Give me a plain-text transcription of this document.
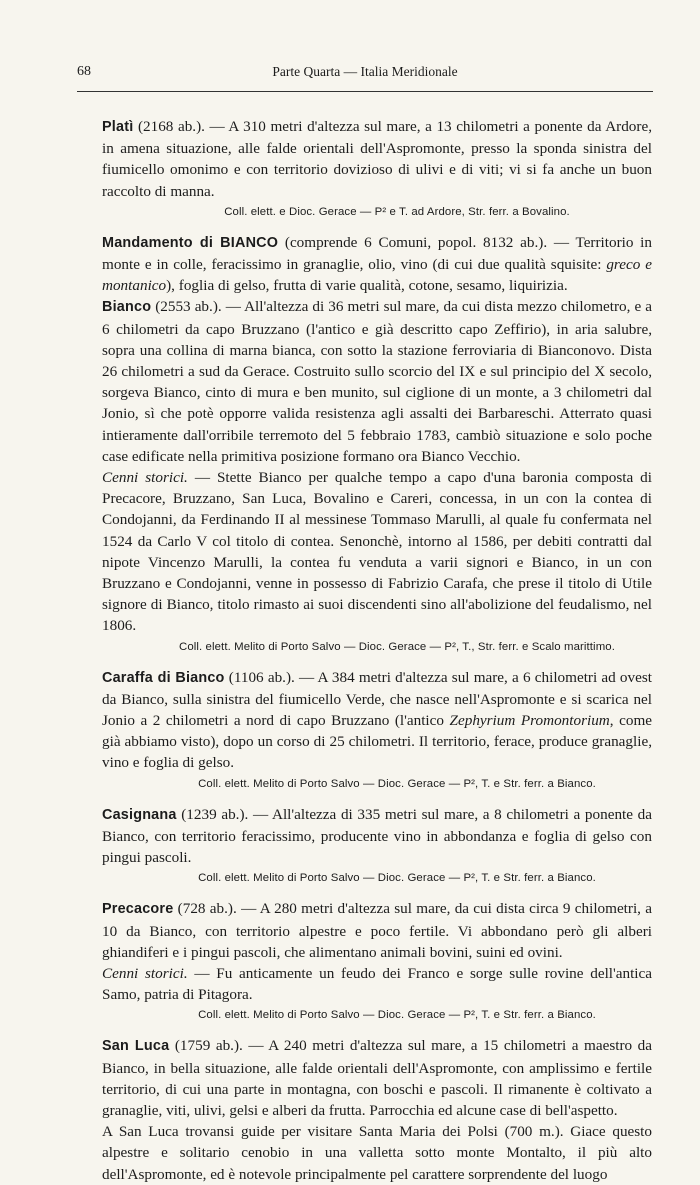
68	Parte Quarta — Italia Meridionale

Platì (2168 ab.). — A 310 metri d'altezza sul mare, a 13 chilometri a ponente da Ardore, in amena situazione, alle falde orientali dell'Aspromonte, presso la sponda sinistra del fiumicello omonimo e con territorio dovizioso di ulivi e di viti; vi si fa anche un buon raccolto di manna.

Coll. elett. e Dioc. Gerace — P² e T. ad Ardore, Str. ferr. a Bovalino.

Mandamento di BIANCO (comprende 6 Comuni, popol. 8132 ab.). — Territorio in monte e in colle, feracissimo in granaglie, olio, vino (di cui due qualità squisite: greco e montanico), foglia di gelso, frutta di varie qualità, cotone, sesamo, liquirizia.

Bianco (2553 ab.). — All'altezza di 36 metri sul mare, da cui dista mezzo chilometro, e a 6 chilometri da capo Bruzzano (l'antico e già descritto capo Zeffirio), in aria salubre, sopra una collina di marna bianca, con sotto la stazione ferroviaria di Bianconovo. Dista 26 chilometri a sud da Gerace. Costruito sullo scorcio del IX e sul principio del X secolo, sorgeva Bianco, cinto di mura e ben munito, sul ciglione di un monte, a 3 chilometri dal Jonio, sì che potè opporre valida resistenza agli assalti dei Barbareschi. Atterrato quasi intieramente dall'orribile terremoto del 5 febbraio 1783, cambiò situazione e solo poche case edificate nella primitiva posizione formano ora Bianco Vecchio.

Cenni storici. — Stette Bianco per qualche tempo a capo d'una baronia composta di Precacore, Bruzzano, San Luca, Bovalino e Careri, concessa, in un con la contea di Condojanni, da Ferdinando II al messinese Tommaso Marulli, al quale fu confermata nel 1524 da Carlo V col titolo di contea. Senonchè, intorno al 1586, per debiti contratti dal nipote Vincenzo Marulli, la contea fu venduta a varii signori e Bianco, in un con Bruzzano e Condojanni, venne in possesso di Fabrizio Carafa, che prese il titolo di Utile signore di Bianco, titolo rimasto ai suoi discendenti sino all'abolizione del feudalismo, nel 1806.

Coll. elett. Melito di Porto Salvo — Dioc. Gerace — P², T., Str. ferr. e Scalo marittimo.

Caraffa di Bianco (1106 ab.). — A 384 metri d'altezza sul mare, a 6 chilometri ad ovest da Bianco, sulla sinistra del fiumicello Verde, che nasce nell'Aspromonte e si scarica nel Jonio a 2 chilometri a nord di capo Bruzzano (l'antico Zephyrium Promontorium, come già abbiamo visto), dopo un corso di 25 chilometri. Il territorio, ferace, produce granaglie, vino e foglia di gelso.

Coll. elett. Melito di Porto Salvo — Dioc. Gerace — P², T. e Str. ferr. a Bianco.

Casignana (1239 ab.). — All'altezza di 335 metri sul mare, a 8 chilometri a ponente da Bianco, con territorio feracissimo, producente vino in abbondanza e foglia di gelso con pingui pascoli.

Coll. elett. Melito di Porto Salvo — Dioc. Gerace — P², T. e Str. ferr. a Bianco.

Precacore (728 ab.). — A 280 metri d'altezza sul mare, da cui dista circa 9 chilometri, a 10 da Bianco, con territorio alpestre e poco fertile. Vi abbondano però gli alberi ghiandiferi e i pingui pascoli, che alimentano animali bovini, suini ed ovini.

Cenni storici. — Fu anticamente un feudo dei Franco e sorge sulle rovine dell'antica Samo, patria di Pitagora.

Coll. elett. Melito di Porto Salvo — Dioc. Gerace — P², T. e Str. ferr. a Bianco.

San Luca (1759 ab.). — A 240 metri d'altezza sul mare, a 15 chilometri a maestro da Bianco, in bella situazione, alle falde orientali dell'Aspromonte, con amplissimo e fertile territorio, di cui una parte in montagna, con boschi e pascoli. Il rimanente è coltivato a granaglie, viti, ulivi, gelsi e alberi da frutta. Parrocchia ed alcune case di bell'aspetto.

A San Luca trovansi guide per visitare Santa Maria dei Polsi (700 m.). Giace questo alpestre e solitario cenobio in una valletta sotto monte Montalto, il più alto dell'Aspromonte, ed è notevole principalmente pel carattere sorprendente del luogo
